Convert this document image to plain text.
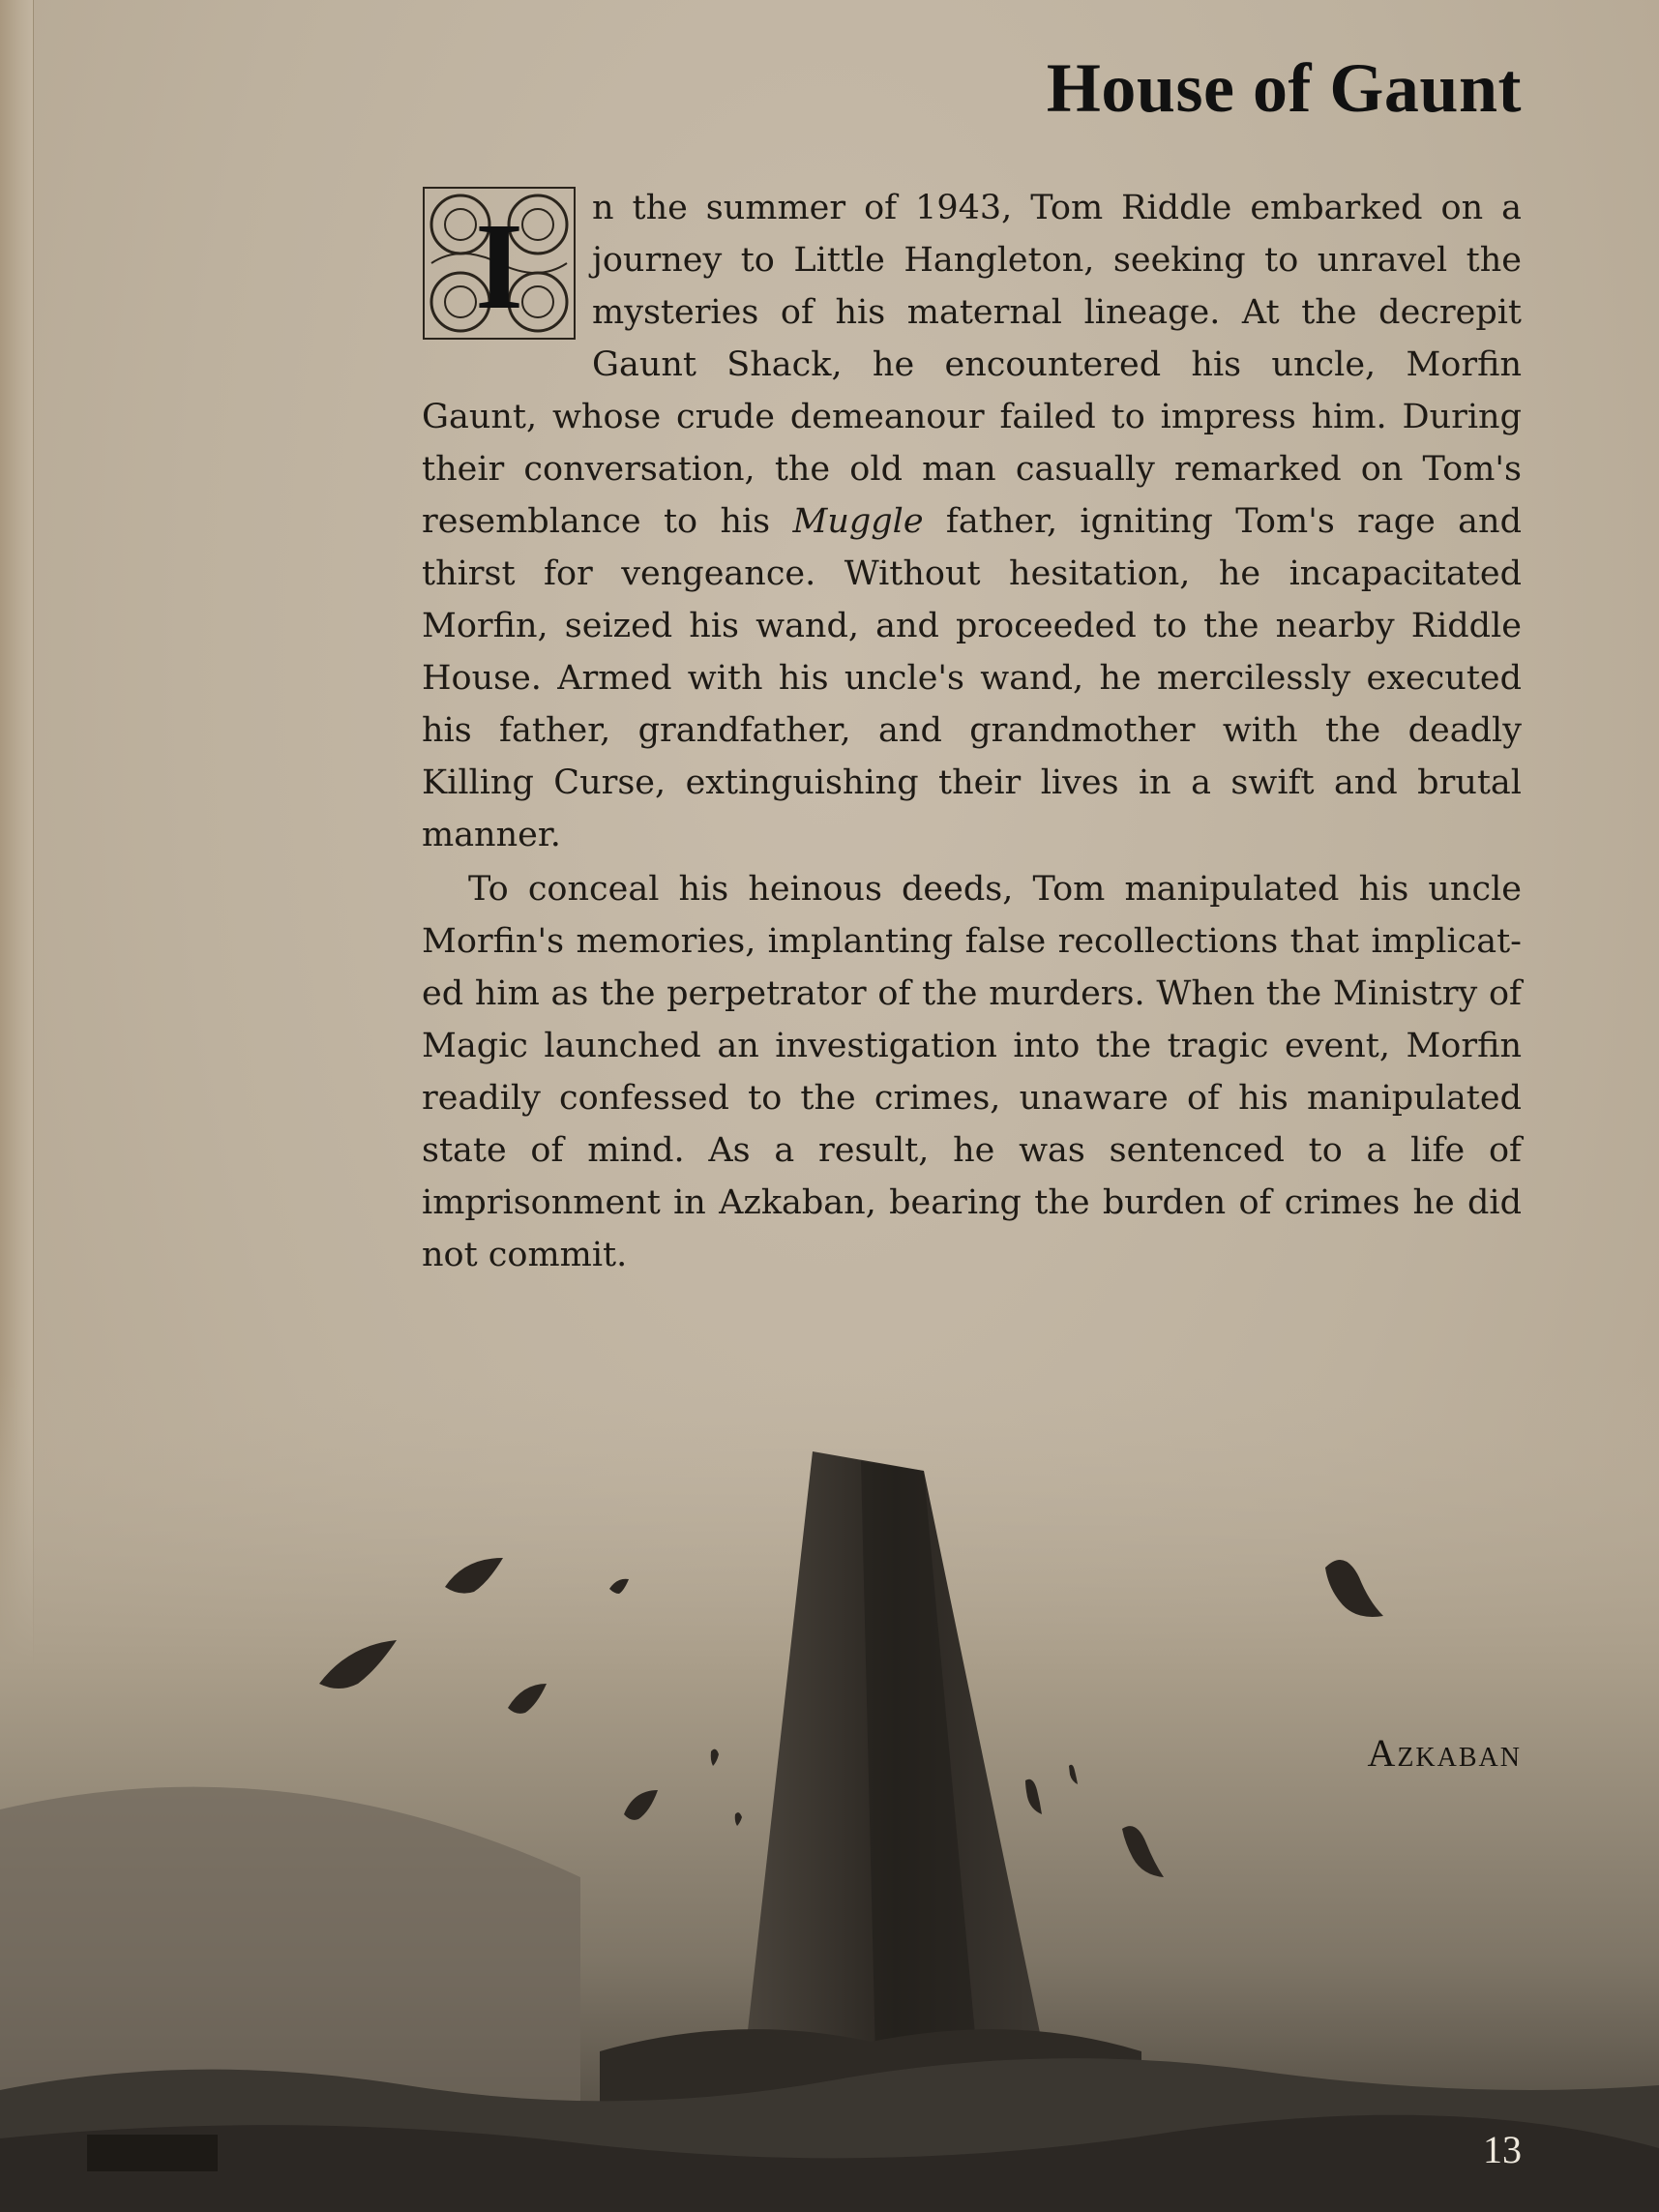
House of Gaunt
I	n the summer of 1943, Tom Riddle embarked on a journey to Little Hangleton, seeking to unravel the mysteries of his maternal lineage. At the decrepit Gaunt Shack, he encountered his uncle, Morfin Gaunt, whose crude demeanour failed to impress him. During their conversation, the old man casually remarked on Tom's resemblance to his Muggle father, igniting Tom's rage and thirst for vengeance. Without hesitation, he incapacitated Morfin, seized his wand, and proceeded to the nearby Riddle House. Armed with his uncle's wand, he mercilessly executed his father, grandfather, and grandmother with the deadly Killing Curse, extinguishing their lives in a swift and brutal manner.

To conceal his heinous deeds, Tom manipulated his uncle Morfin's memories, implanting false recollections that implicated him as the perpetrator of the murders. When the Ministry of Magic launched an investigation into the tragic event, Morfin readily confessed to the crimes, unaware of his manipulated state of mind. As a result, he was sentenced to a life of imprisonment in Azkaban, bearing the burden of crimes he did not commit.

Azkaban
13
